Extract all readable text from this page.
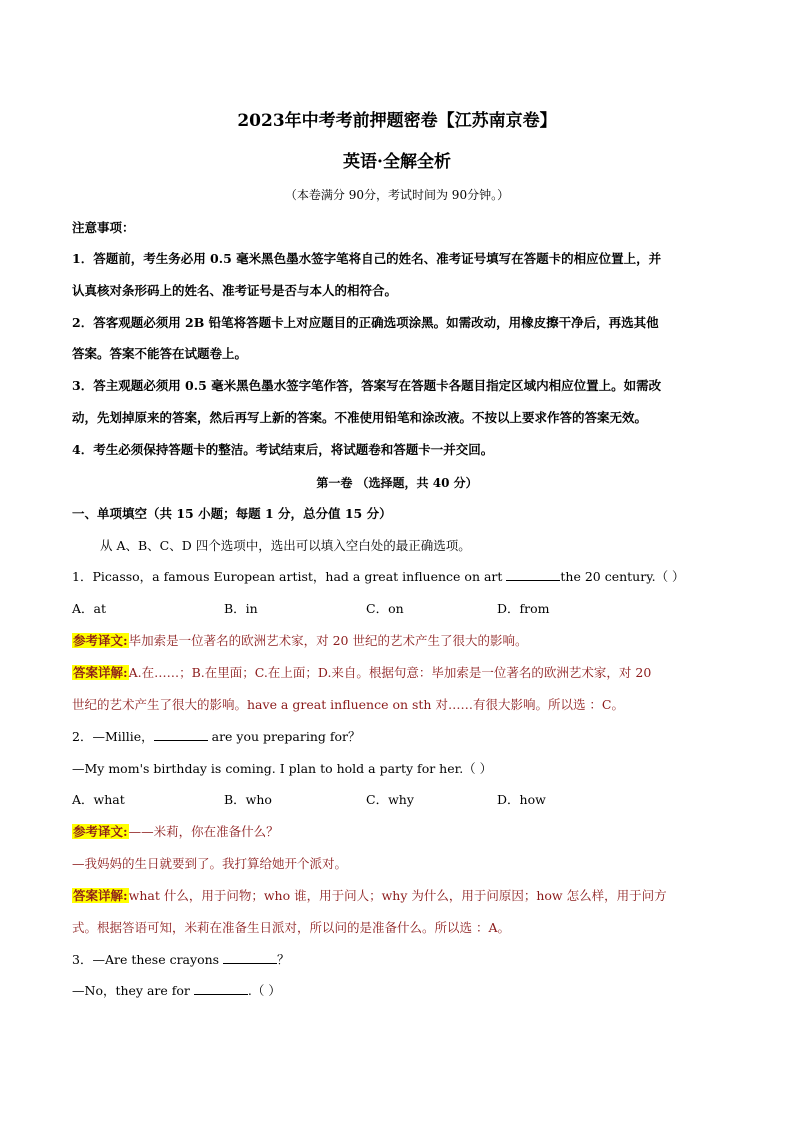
2023年中考考前押题密卷【江苏南京卷】
英语·全解全析
（本卷满分 90分，考试时间为 90分钟。）
注意事项：
1．答题前，考生务必用 0.5 毫米黑色墨水签字笔将自己的姓名、准考证号填写在答题卡的相应位置上，并
认真核对条形码上的姓名、准考证号是否与本人的相符合。
2．答客观题必须用 2B 铅笔将答题卡上对应题目的正确选项涂黑。如需改动，用橡皮擦干净后，再选其他
答案。答案不能答在试题卷上。
3．答主观题必须用 0.5 毫米黑色墨水签字笔作答，答案写在答题卡各题目指定区域内相应位置上。如需改
动，先划掉原来的答案，然后再写上新的答案。不准使用铅笔和涂改液。不按以上要求作答的答案无效。
4．考生必须保持答题卡的整洁。考试结束后，将试题卷和答题卡一并交回。
第一卷 （选择题，共 40 分）
一、单项填空（共 15 小题；每题 1 分，总分值 15 分）
从 A、B、C、D 四个选项中，选出可以填入空白处的最正确选项。
1．Picasso，a famous European artist，had a great influence on art	the 20 century.（ ）
A．at	B．in	C．on	D．from
参考译文:毕加索是一位著名的欧洲艺术家，对 20 世纪的艺术产生了很大的影响。
答案详解:A.在……；B.在里面；C.在上面；D.来自。根据句意：毕加索是一位著名的欧洲艺术家，对 20
世纪的艺术产生了很大的影响。have a great influence on sth 对……有很大影响。所以选 ：C。
2．—Millie，	are you preparing for？
—My mom's birthday is coming. I plan to hold a party for her.（ ）
A．what	B．who	C．why	D．how
参考译文:——米莉，你在准备什么？
—我妈妈的生日就要到了。我打算给她开个派对。
答案详解:what 什么，用于问物；who 谁，用于问人；why 为什么，用于问原因；how 怎么样，用于问方
式。根据答语可知，米莉在准备生日派对，所以问的是准备什么。所以选 ：A。
3．—Are these crayons	？
—No，they are for	.（ ）
